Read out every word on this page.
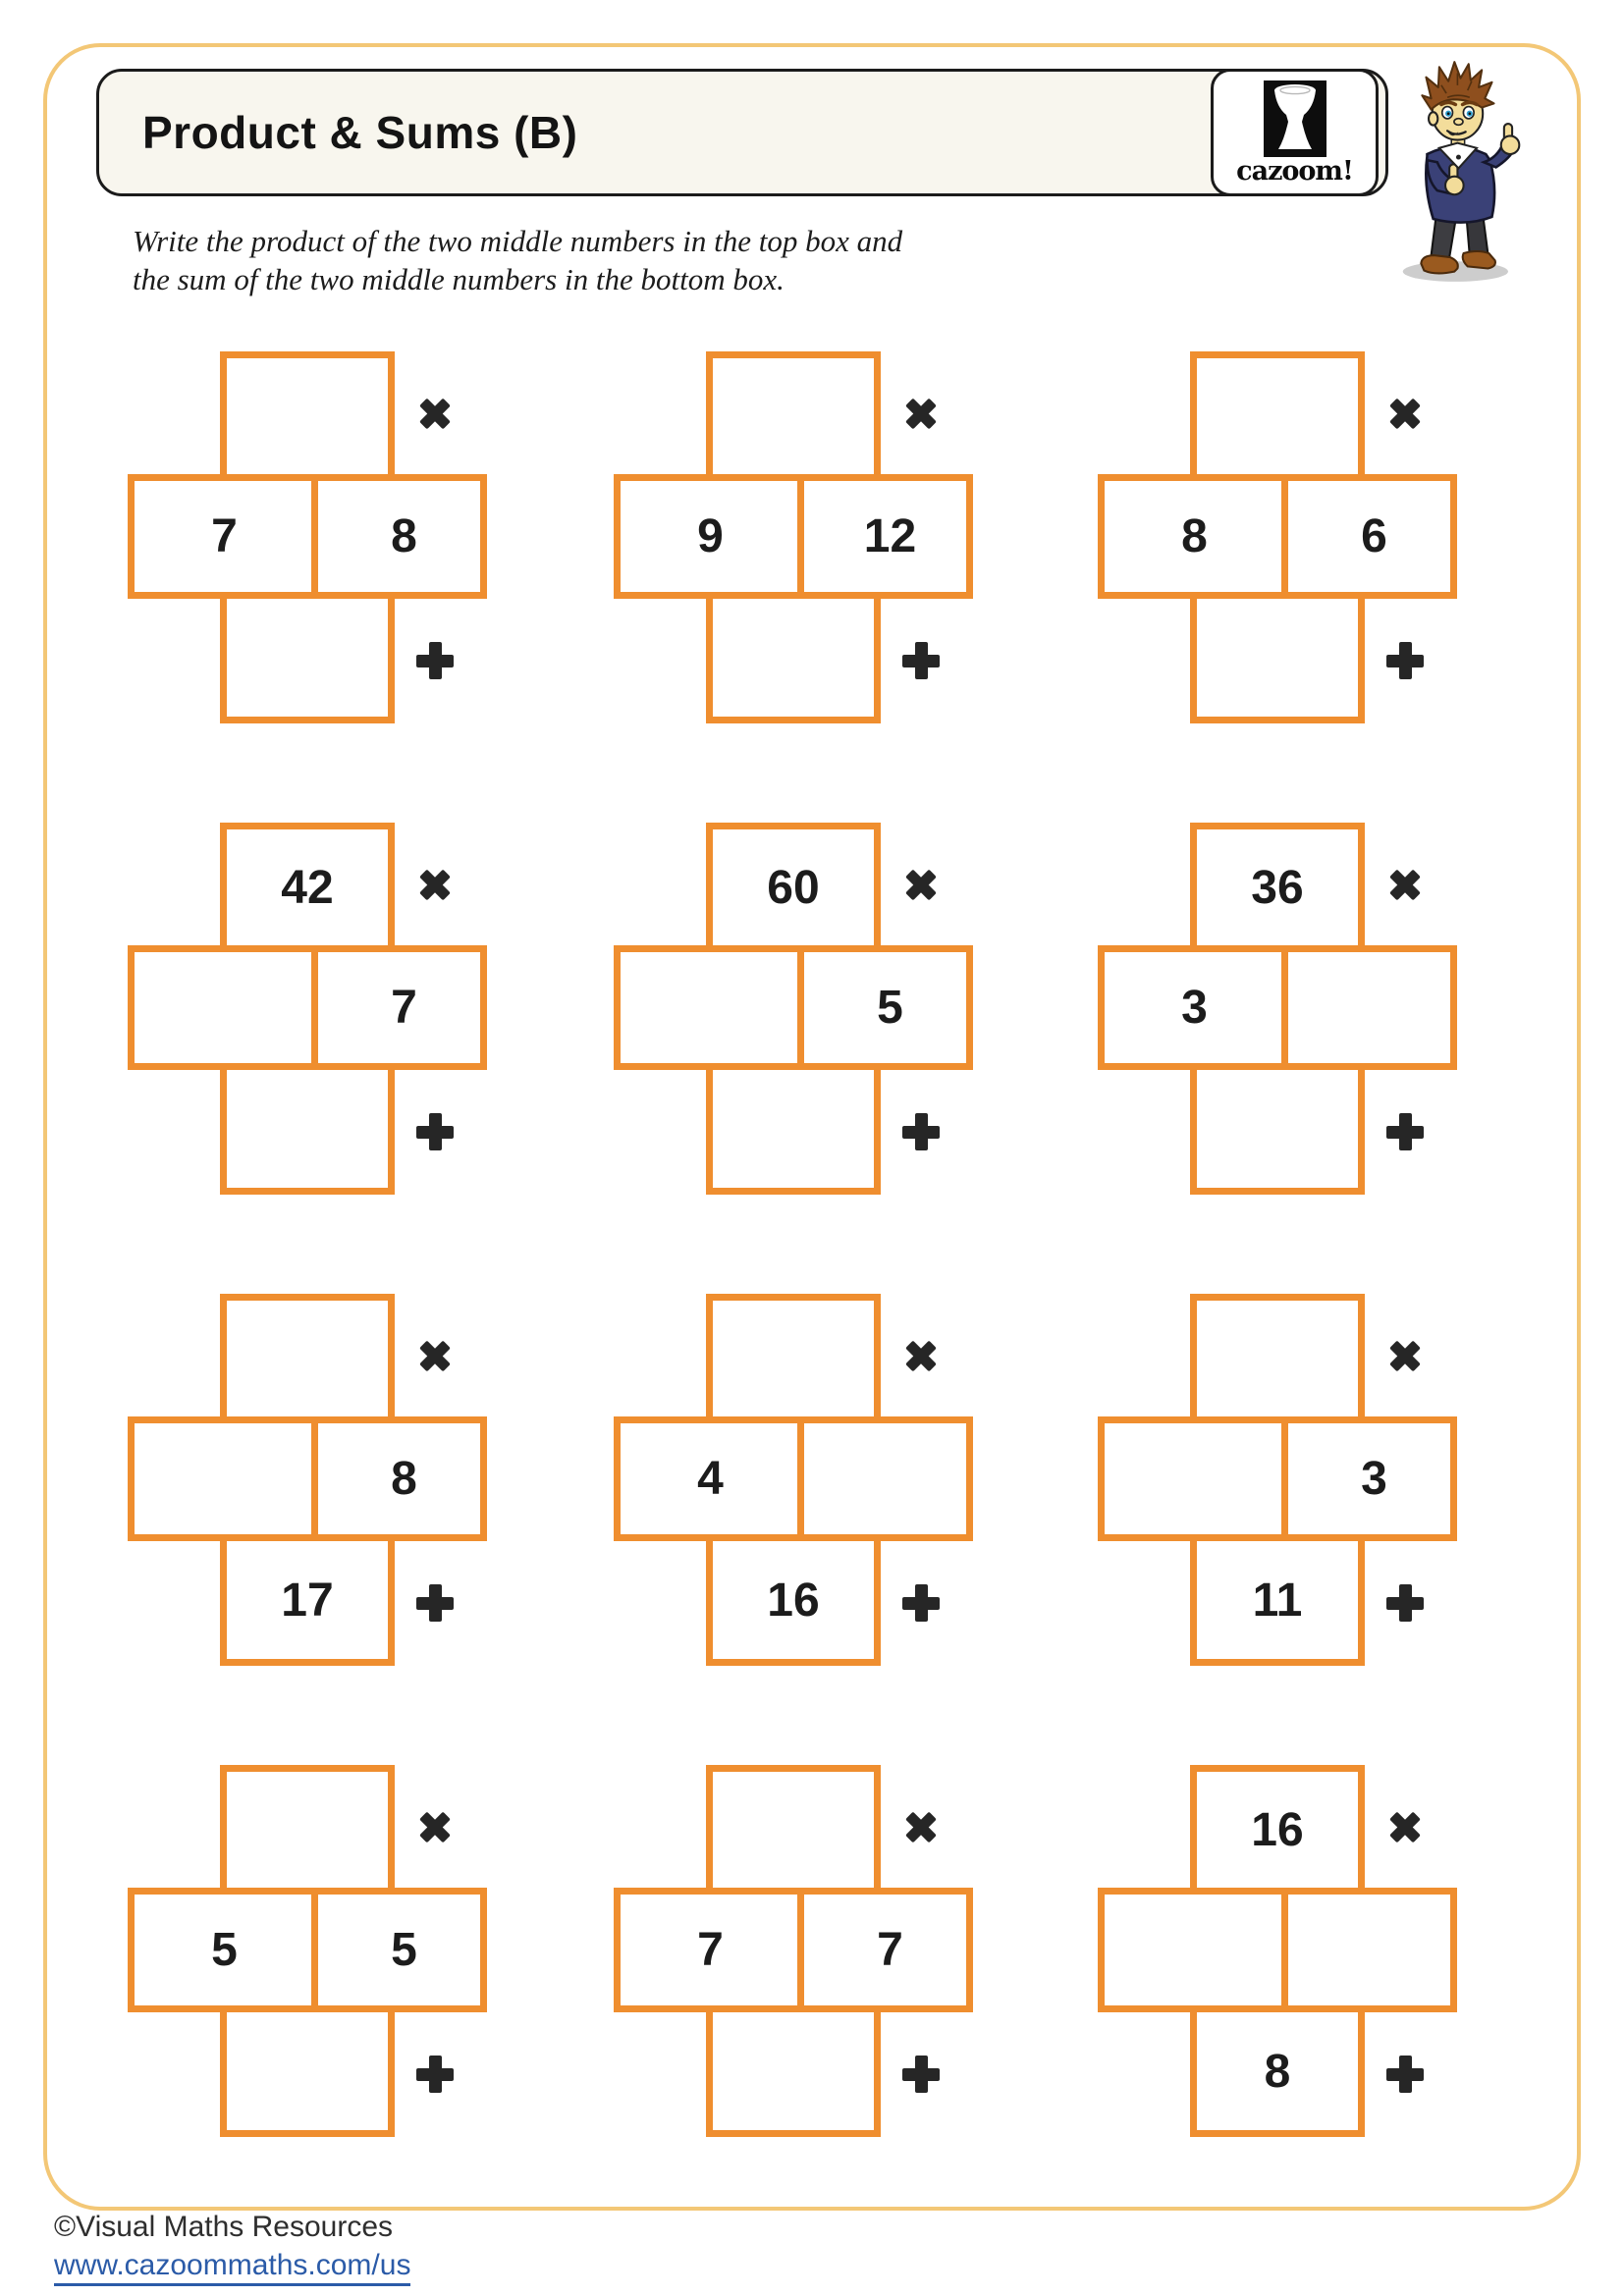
Product & Sums (B)
cazoom!
Write the product of the two middle numbers in the top box and
the sum of the two middle numbers in the bottom box.
7	8	9	12	8	6
42
7
60
5
36
3
8
17
4
16
3
11
5	5	7	7
16
8
©Visual Maths Resources
www.cazoommaths.com/us
